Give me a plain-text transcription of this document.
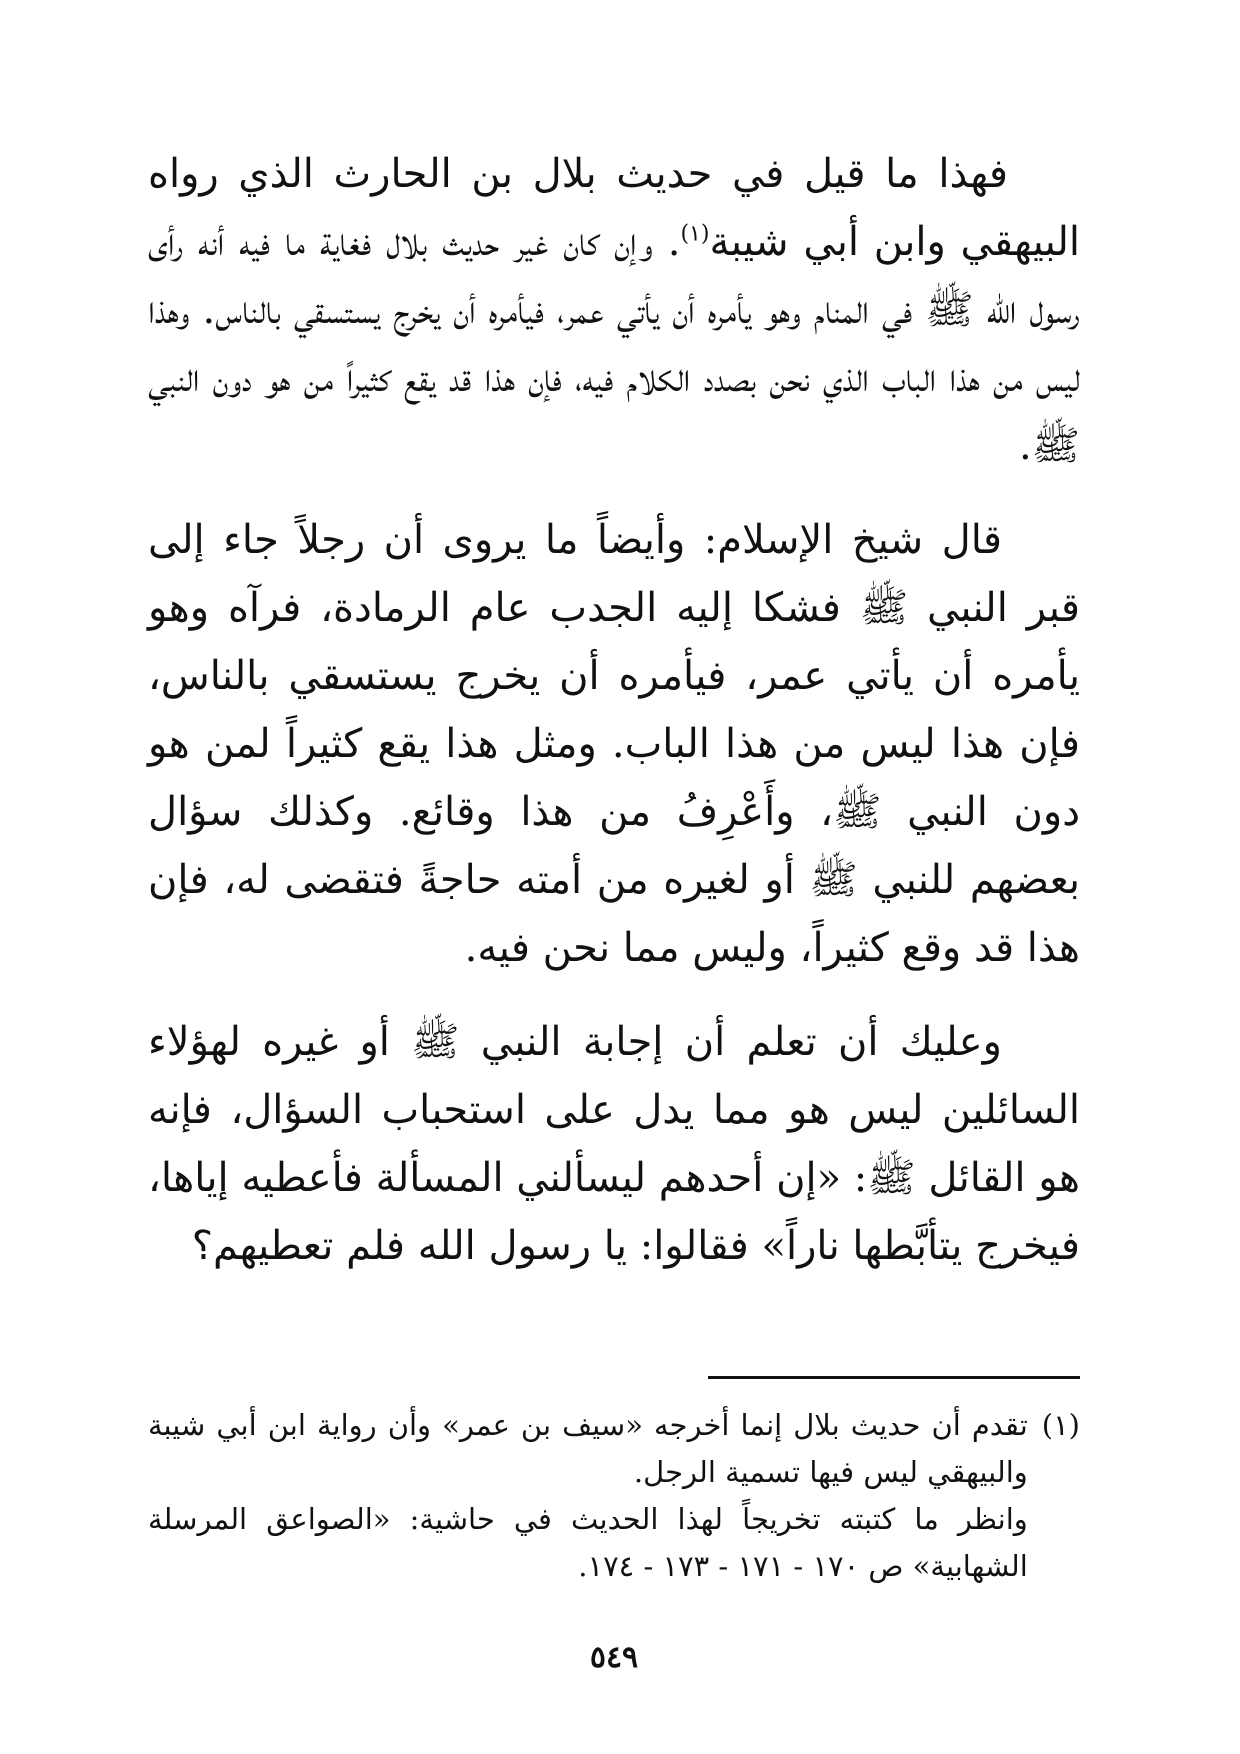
فهذا ما قيل في حديث بلال بن الحارث الذي رواه البيهقي وابن أبي شيبة$^{(١)}$. وإن كان غير حديث بلال فغاية ما فيه أنه رأى رسول الله ﷺ في المنام وهو يأمره أن يأتي عمر، فيأمره أن يخرج يستسقي بالناس. وهذا ليس من هذا الباب الذي نحن بصدد الكلام فيه، فإن هذا قد يقع كثيراً من هو دون النبي ﷺ.

قال شيخ الإسلام: وأيضاً ما يروى أن رجلاً جاء إلى قبر النبي ﷺ فشكا إليه الجدب عام الرمادة، فرآه وهو يأمره أن يأتي عمر، فيأمره أن يخرج يستسقي بالناس، فإن هذا ليس من هذا الباب. ومثل هذا يقع كثيراً لمن هو دون النبي ﷺ، وأَعْرِفُ من هذا وقائع. وكذلك سؤال بعضهم للنبي ﷺ أو لغيره من أمته حاجةً فتقضى له، فإن هذا قد وقع كثيراً، وليس مما نحن فيه.

وعليك أن تعلم أن إجابة النبي ﷺ أو غيره لهؤلاء السائلين ليس هو مما يدل على استحباب السؤال، فإنه هو القائل ﷺ: «إن أحدهم ليسألني المسألة فأعطيه إياها، فيخرج يتأبَّطها ناراً» فقالوا: يا رسول الله فلم تعطيهم؟

(١)

تقدم أن حديث بلال إنما أخرجه «سيف بن عمر» وأن رواية ابن أبي شيبة والبيهقي ليس فيها تسمية الرجل.

وانظر ما كتبته تخريجاً لهذا الحديث في حاشية: «الصواعق المرسلة الشهابية» ص ١٧٠ - ١٧١ - ١٧٣ - ١٧٤.

٥٤٩
